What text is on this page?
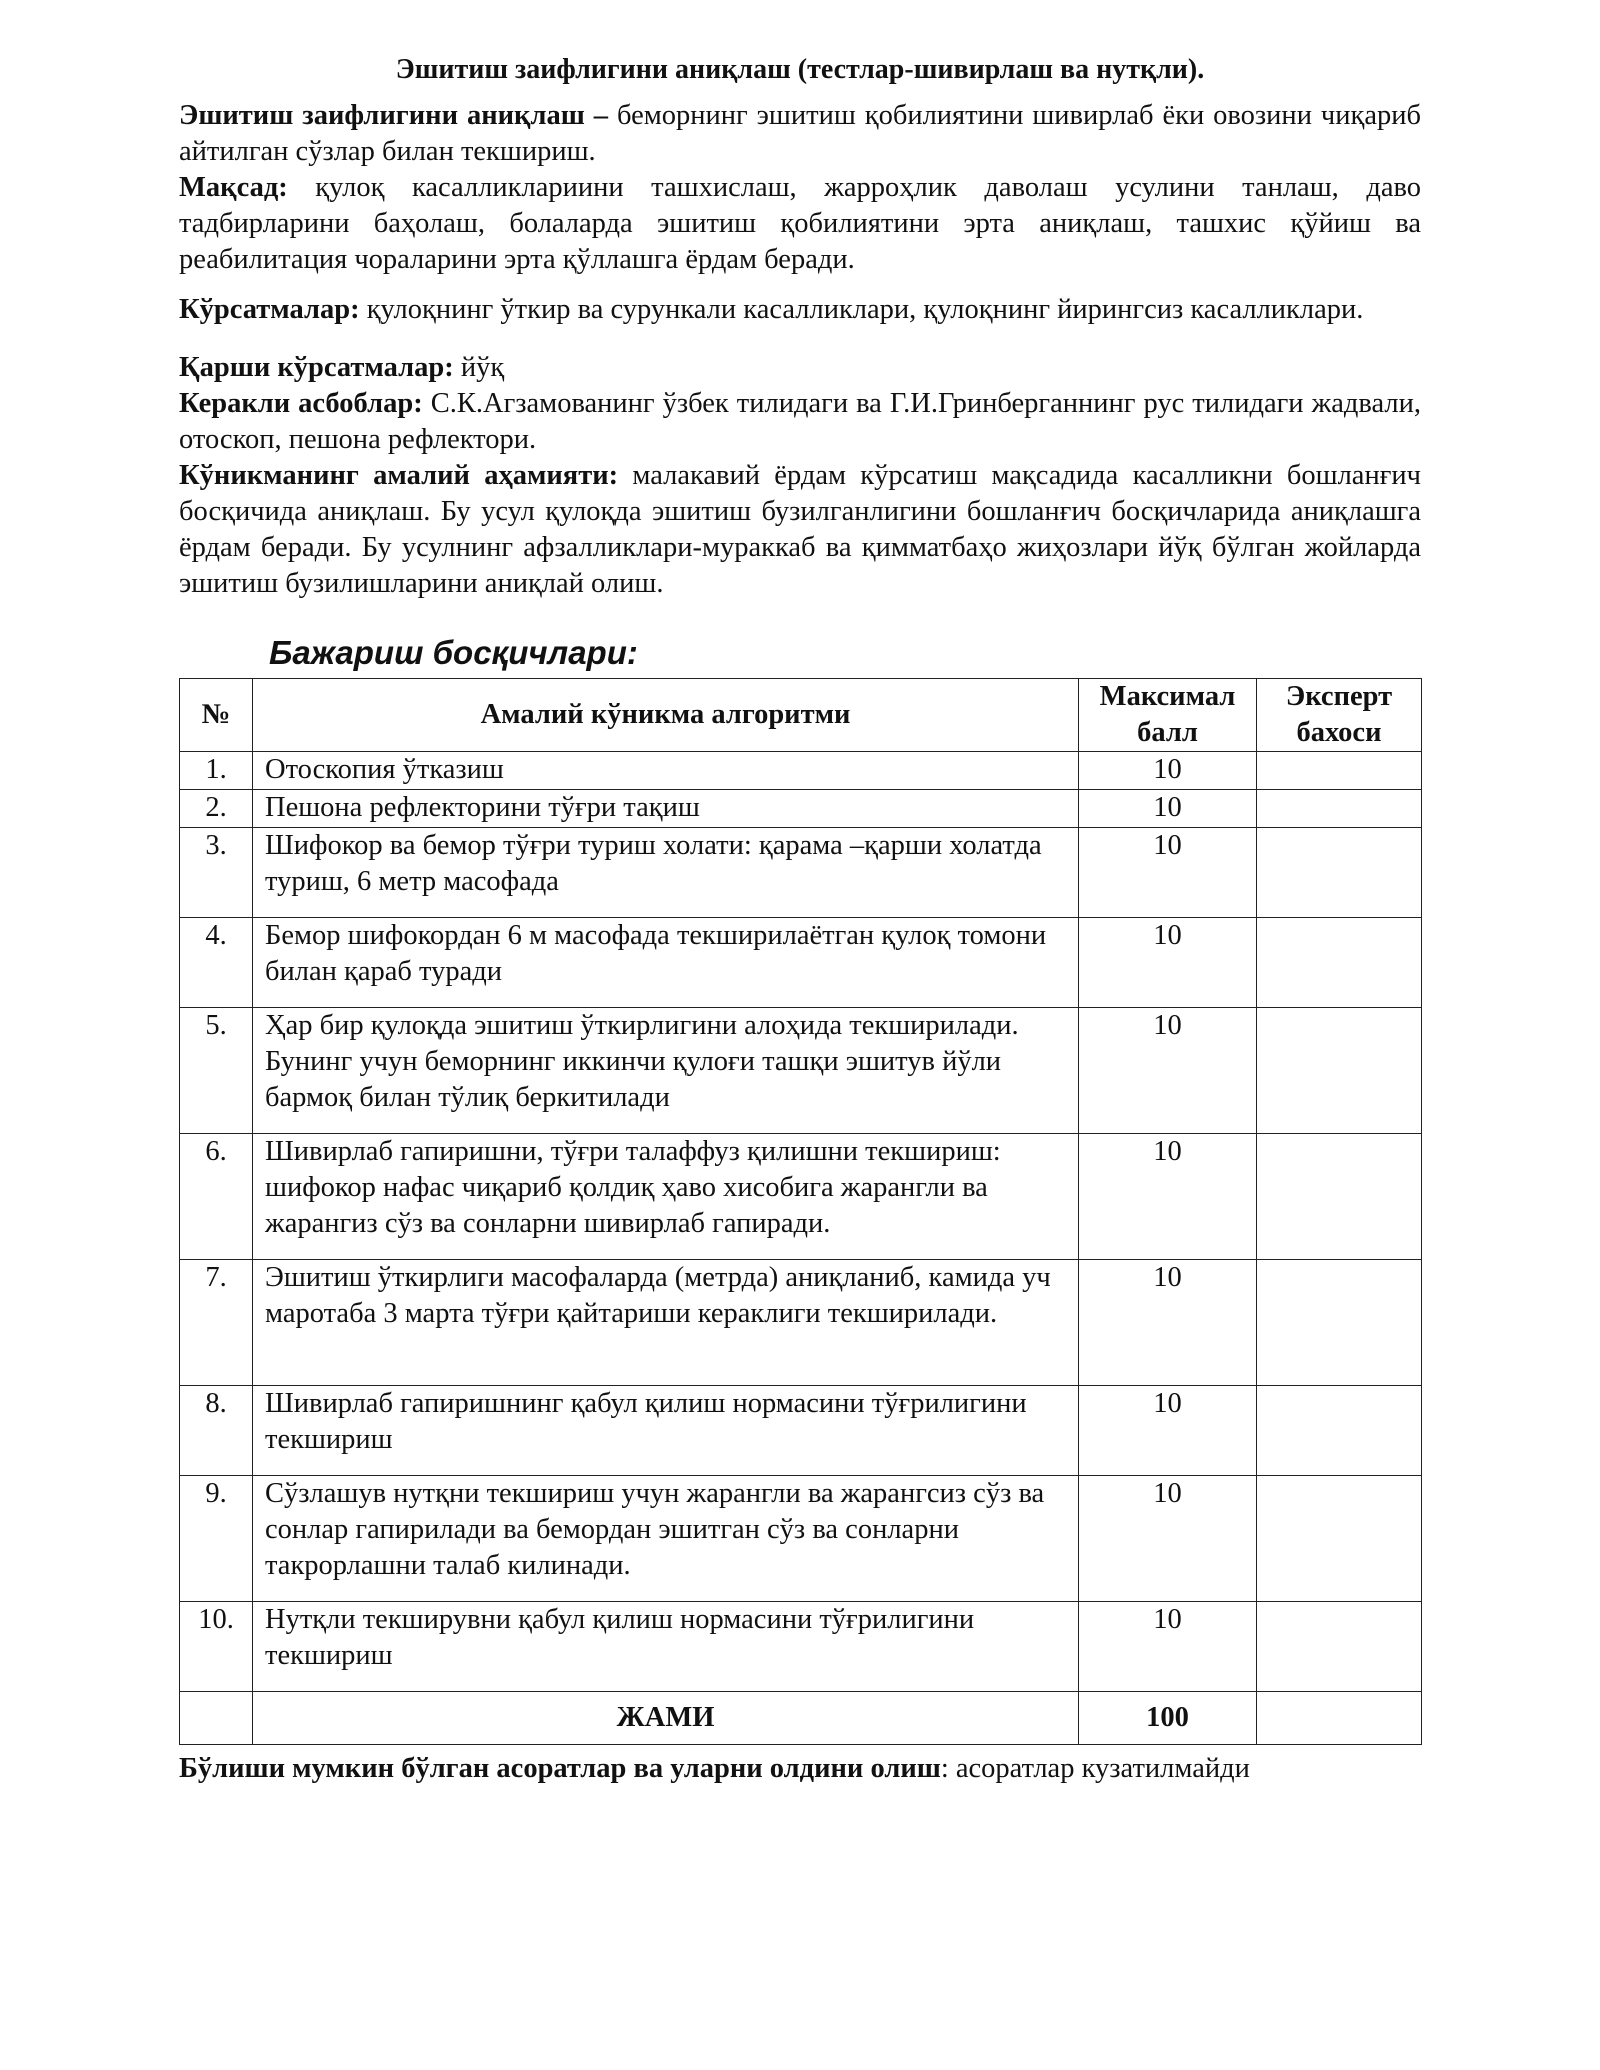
Эшитиш заифлигини аниқлаш (тестлар-шивирлаш ва нутқли).

Эшитиш заифлигини аниқлаш – беморнинг эшитиш қобилиятини шивирлаб ёки овозини чиқариб айтилган сўзлар билан текшириш.

Мақсад: қулоқ касалликлариини ташхислаш, жарроҳлик даволаш усулини танлаш, даво тадбирларини баҳолаш, болаларда эшитиш қобилиятини эрта аниқлаш, ташхис қўйиш ва реабилитация чораларини эрта қўллашга ёрдам беради.

Кўрсатмалар: қулоқнинг ўткир ва сурункали касалликлари, қулоқнинг йирингсиз касалликлари.

Қарши кўрсатмалар: йўқ

Керакли асбоблар: С.К.Агзамованинг ўзбек тилидаги ва Г.И.Гринберганнинг рус тилидаги жадвали, отоскоп, пешона рефлектори.

Кўникманинг амалий аҳамияти: малакавий ёрдам кўрсатиш мақсадида касалликни бошланғич босқичида аниқлаш. Бу усул қулоқда эшитиш бузилганлигини бошланғич босқичларида аниқлашга ёрдам беради. Бу усулнинг афзалликлари-мураккаб ва қимматбаҳо жиҳозлари йўқ бўлган жойларда эшитиш бузилишларини аниқлай олиш.

Бажариш босқичлари:
№	Амалий кўникма алгоритми	Максимал балл	Эксперт бахоси
1.	Отоскопия ўтказиш	10	
2.	Пешона рефлекторини тўғри тақиш	10	
3.	Шифокор ва бемор тўғри туриш холати: қарама –қарши холатда туриш, 6 метр масофада	10	
4.	Бемор шифокордан 6 м масофада текширилаётган қулоқ томони билан қараб туради	10	
5.	Ҳар бир қулоқда эшитиш ўткирлигини алоҳида текширилади. Бунинг учун беморнинг иккинчи қулоғи ташқи эшитув йўли бармоқ билан тўлиқ беркитилади	10	
6.	Шивирлаб гапиришни, тўғри талаффуз қилишни текшириш: шифокор нафас чиқариб қолдиқ ҳаво хисобига жарангли ва жарангиз сўз ва сонларни шивирлаб гапиради.	10	
7.	Эшитиш ўткирлиги масофаларда (метрда) аниқланиб, камида уч маротаба 3 марта тўғри қайтариши кераклиги текширилади.	10	
8.	Шивирлаб гапиришнинг қабул қилиш нормасини тўғрилигини текшириш	10	
9.	Сўзлашув нутқни текшириш учун жарангли ва жарангсиз сўз ва сонлар гапирилади ва бемордан эшитган сўз ва сонларни такрорлашни талаб килинади.	10	
10.	Нутқли текширувни қабул қилиш нормасини тўғрилигини текшириш	10	
	ЖАМИ	100	
Бўлиши мумкин бўлган асоратлар ва уларни олдини олиш: асоратлар кузатилмайди
